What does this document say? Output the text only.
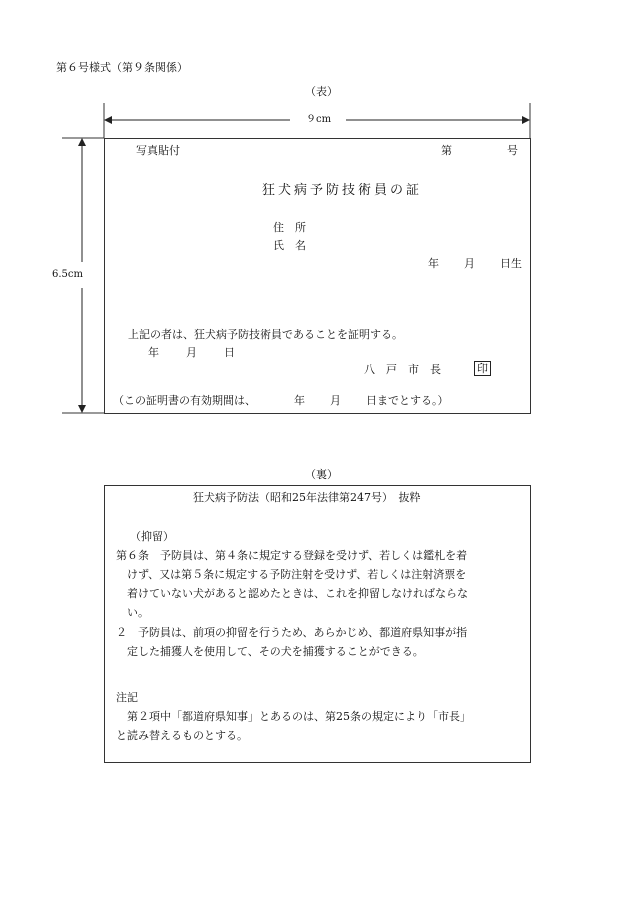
第６号様式（第９条関係）
（表）
９cm
6.5cm
写真貼付	第	号
狂犬病予防技術員の証
住　所
氏　名
年 月 日生
上記の者は、狂犬病予防技術員であることを証明する。
年 月 日
八　戸　市　長	印
（この証明書の有効期間は、	年 月 日までとする。）
（裏）
狂犬病予防法（昭和25年法律第247号）　抜粋
（抑留）
第６条　予防員は、第４条に規定する登録を受けず、若しくは鑑札を着
けず、又は第５条に規定する予防注射を受けず、若しくは注射済票を
着けていない犬があると認めたときは、これを抑留しなければならな
い。
２　予防員は、前項の抑留を行うため、あらかじめ、都道府県知事が指
定した捕獲人を使用して、その犬を捕獲することができる。
注記
第２項中「都道府県知事」とあるのは、第25条の規定により「市長」
と読み替えるものとする。
